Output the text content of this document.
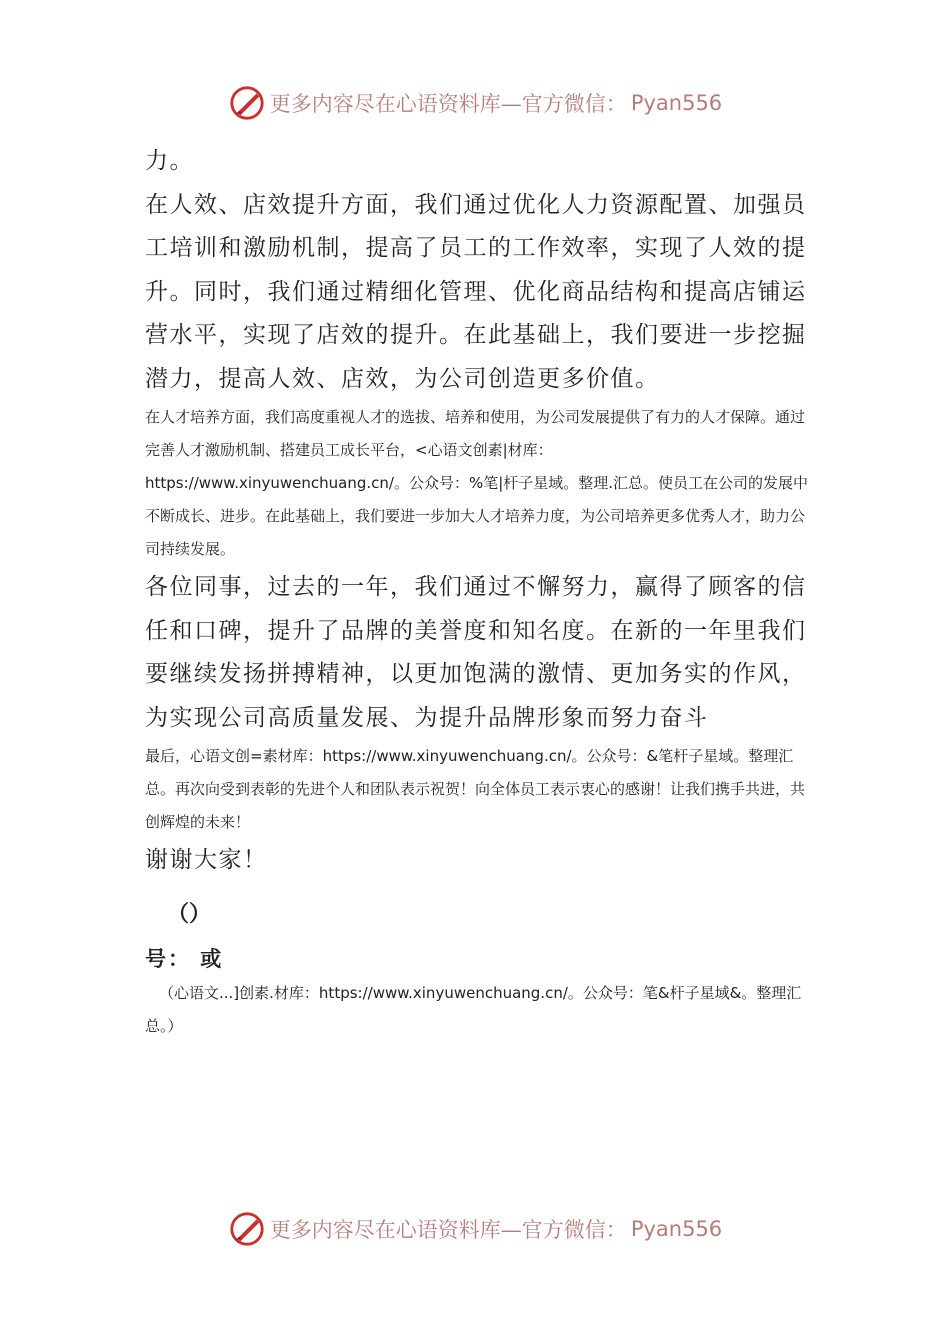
更多内容尽在心语资料库—官方微信： Pyan556

力。

在人效、店效提升方面，我们通过优化人力资源配置、加强员工培训和激励机制，提高了员工的工作效率，实现了人效的提升。同时，我们通过精细化管理、优化商品结构和提高店铺运营水平，实现了店效的提升。在此基础上，我们要进一步挖掘潜力，提高人效、店效，为公司创造更多价值。

在人才培养方面，我们高度重视人才的选拔、培养和使用，为公司发展提供了有力的人才保障。通过完善人才激励机制、搭建员工成长平台，<心语文创素|材库：https://www.xinyuwenchuang.cn/。公众号：%笔|杆子星域。整理.汇总。使员工在公司的发展中不断成长、进步。在此基础上，我们要进一步加大人才培养力度，为公司培养更多优秀人才，助力公司持续发展。

各位同事，过去的一年，我们通过不懈努力，赢得了顾客的信任和口碑，提升了品牌的美誉度和知名度。在新的一年里我们要继续发扬拼搏精神，以更加饱满的激情、更加务实的作风，为实现公司高质量发展、为提升品牌形象而努力奋斗

最后，心语文创=素材库：https://www.xinyuwenchuang.cn/。公众号：&笔杆子星域。整理汇总。再次向受到表彰的先进个人和团队表示祝贺！向全体员工表示衷心的感谢！让我们携手共进，共创辉煌的未来！

谢谢大家！

（）

号： 或

（心语文...]创素.材库：https://www.xinyuwenchuang.cn/。公众号：笔&杆子星域&。整理汇总。）

更多内容尽在心语资料库—官方微信： Pyan556
